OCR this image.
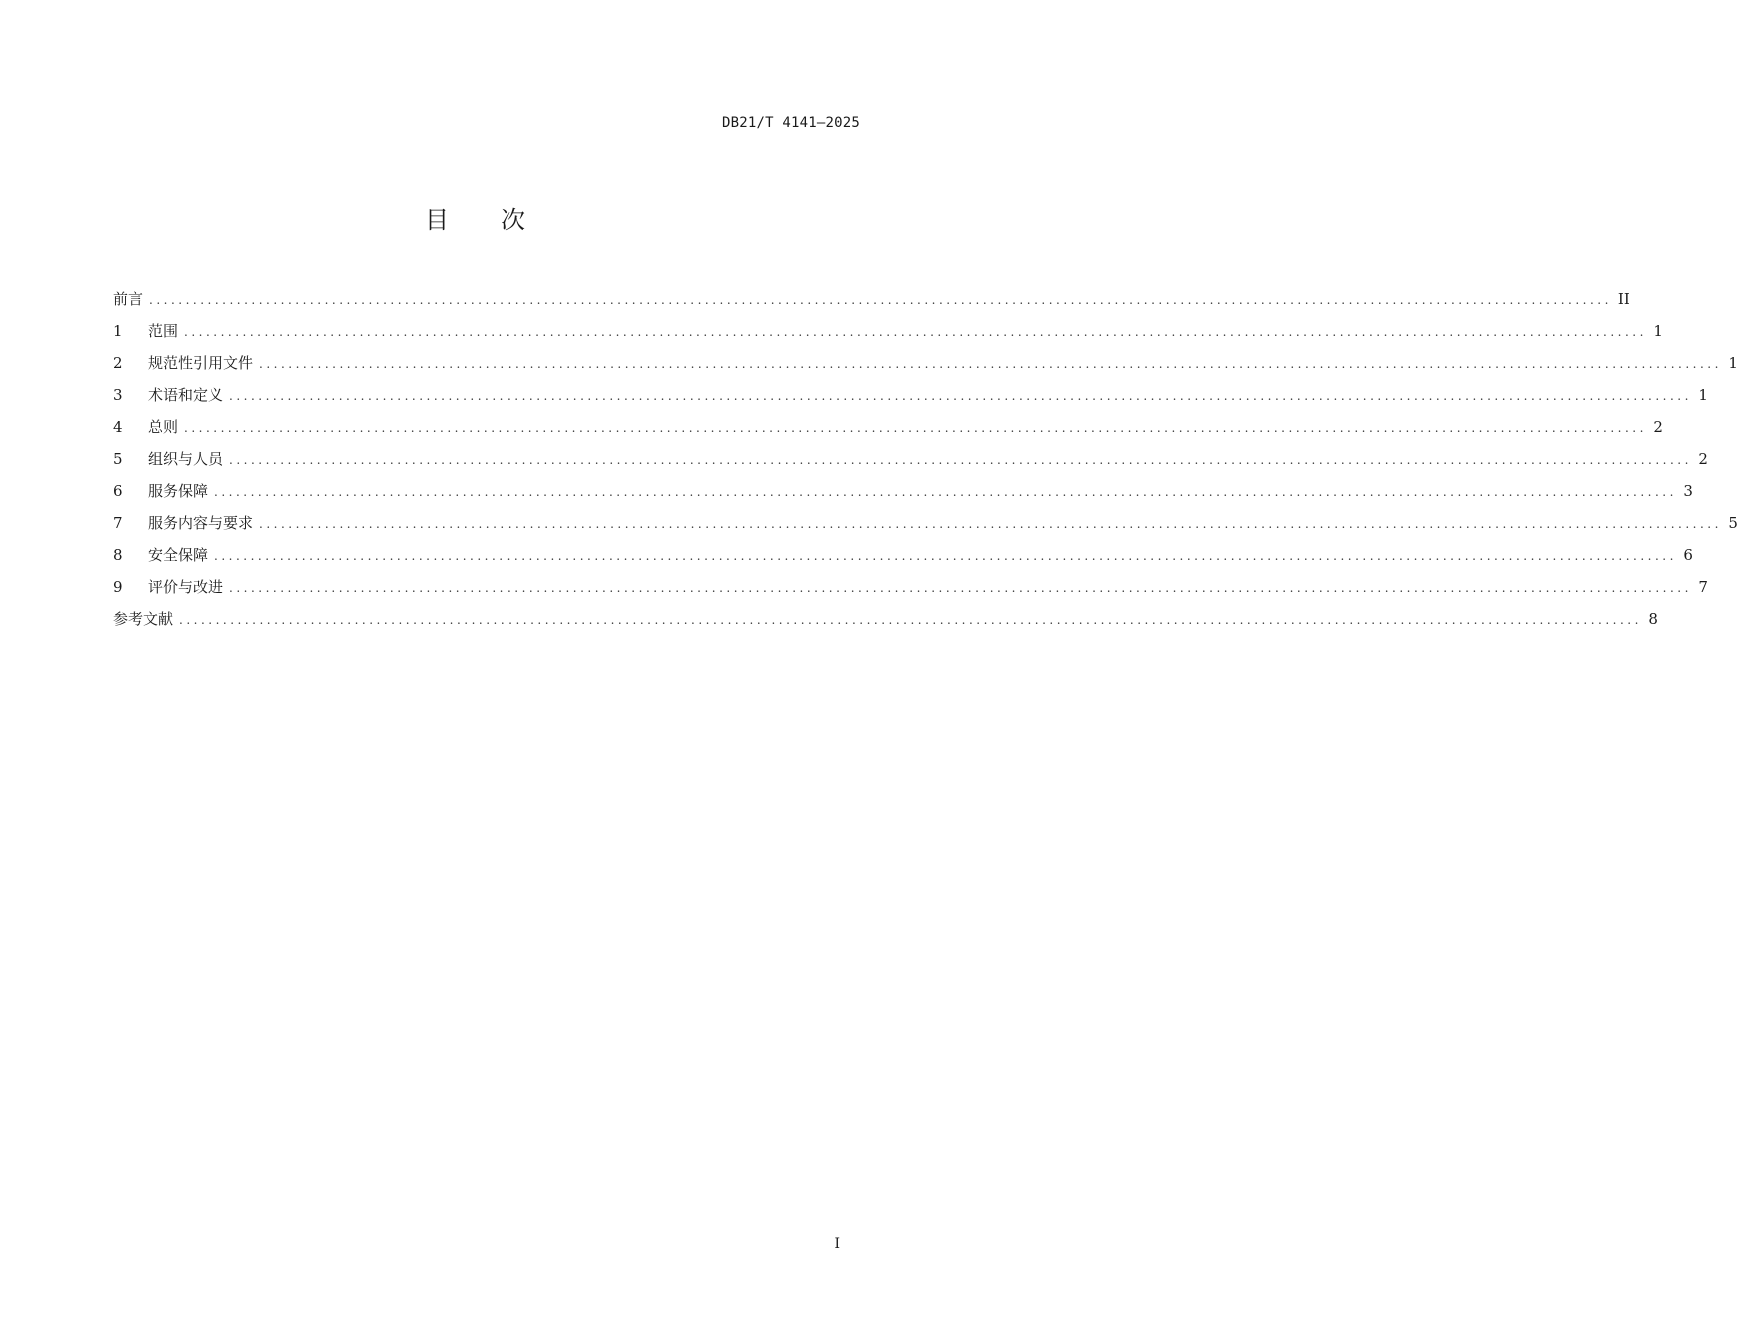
DB21/T 4141—2025
目 次
前言 ........................................................................................................................................................................................................ II
1	范围 ........................................................................................................................................................................................................ 1
2	规范性引用文件 ........................................................................................................................................................................................................ 1
3	术语和定义 ........................................................................................................................................................................................................ 1
4	总则 ........................................................................................................................................................................................................ 2
5	组织与人员 ........................................................................................................................................................................................................ 2
6	服务保障 ........................................................................................................................................................................................................ 3
7	服务内容与要求 ........................................................................................................................................................................................................ 5
8	安全保障 ........................................................................................................................................................................................................ 6
9	评价与改进 ........................................................................................................................................................................................................ 7
参考文献 ........................................................................................................................................................................................................ 8
I
